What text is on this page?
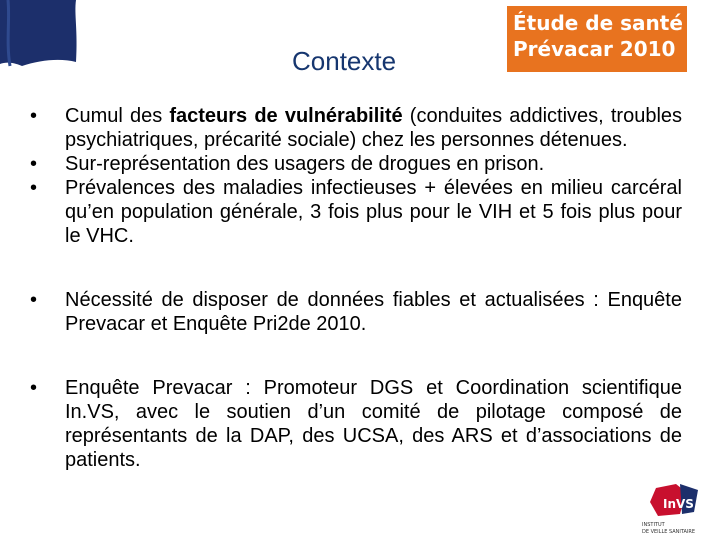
Étude de santé
Prévacar 2010
Contexte
• Cumul des facteurs de vulnérabilité (conduites addictives, troubles psychiatriques, précarité sociale) chez les personnes détenues.
• Sur-représentation des usagers de drogues en prison.
• Prévalences des maladies infectieuses + élevées en milieu carcéral qu’en population générale, 3 fois plus pour le VIH et 5 fois plus pour le VHC.
• Nécessité de disposer de données fiables et actualisées : Enquête Prevacar et Enquête Pri2de 2010.
• Enquête Prevacar : Promoteur DGS et Coordination scientifique In.VS, avec le soutien d’un comité de pilotage composé de représentants de la DAP, des UCSA, des ARS et d’associations de patients.
InVS
INSTITUT
DE VEILLE SANITAIRE
